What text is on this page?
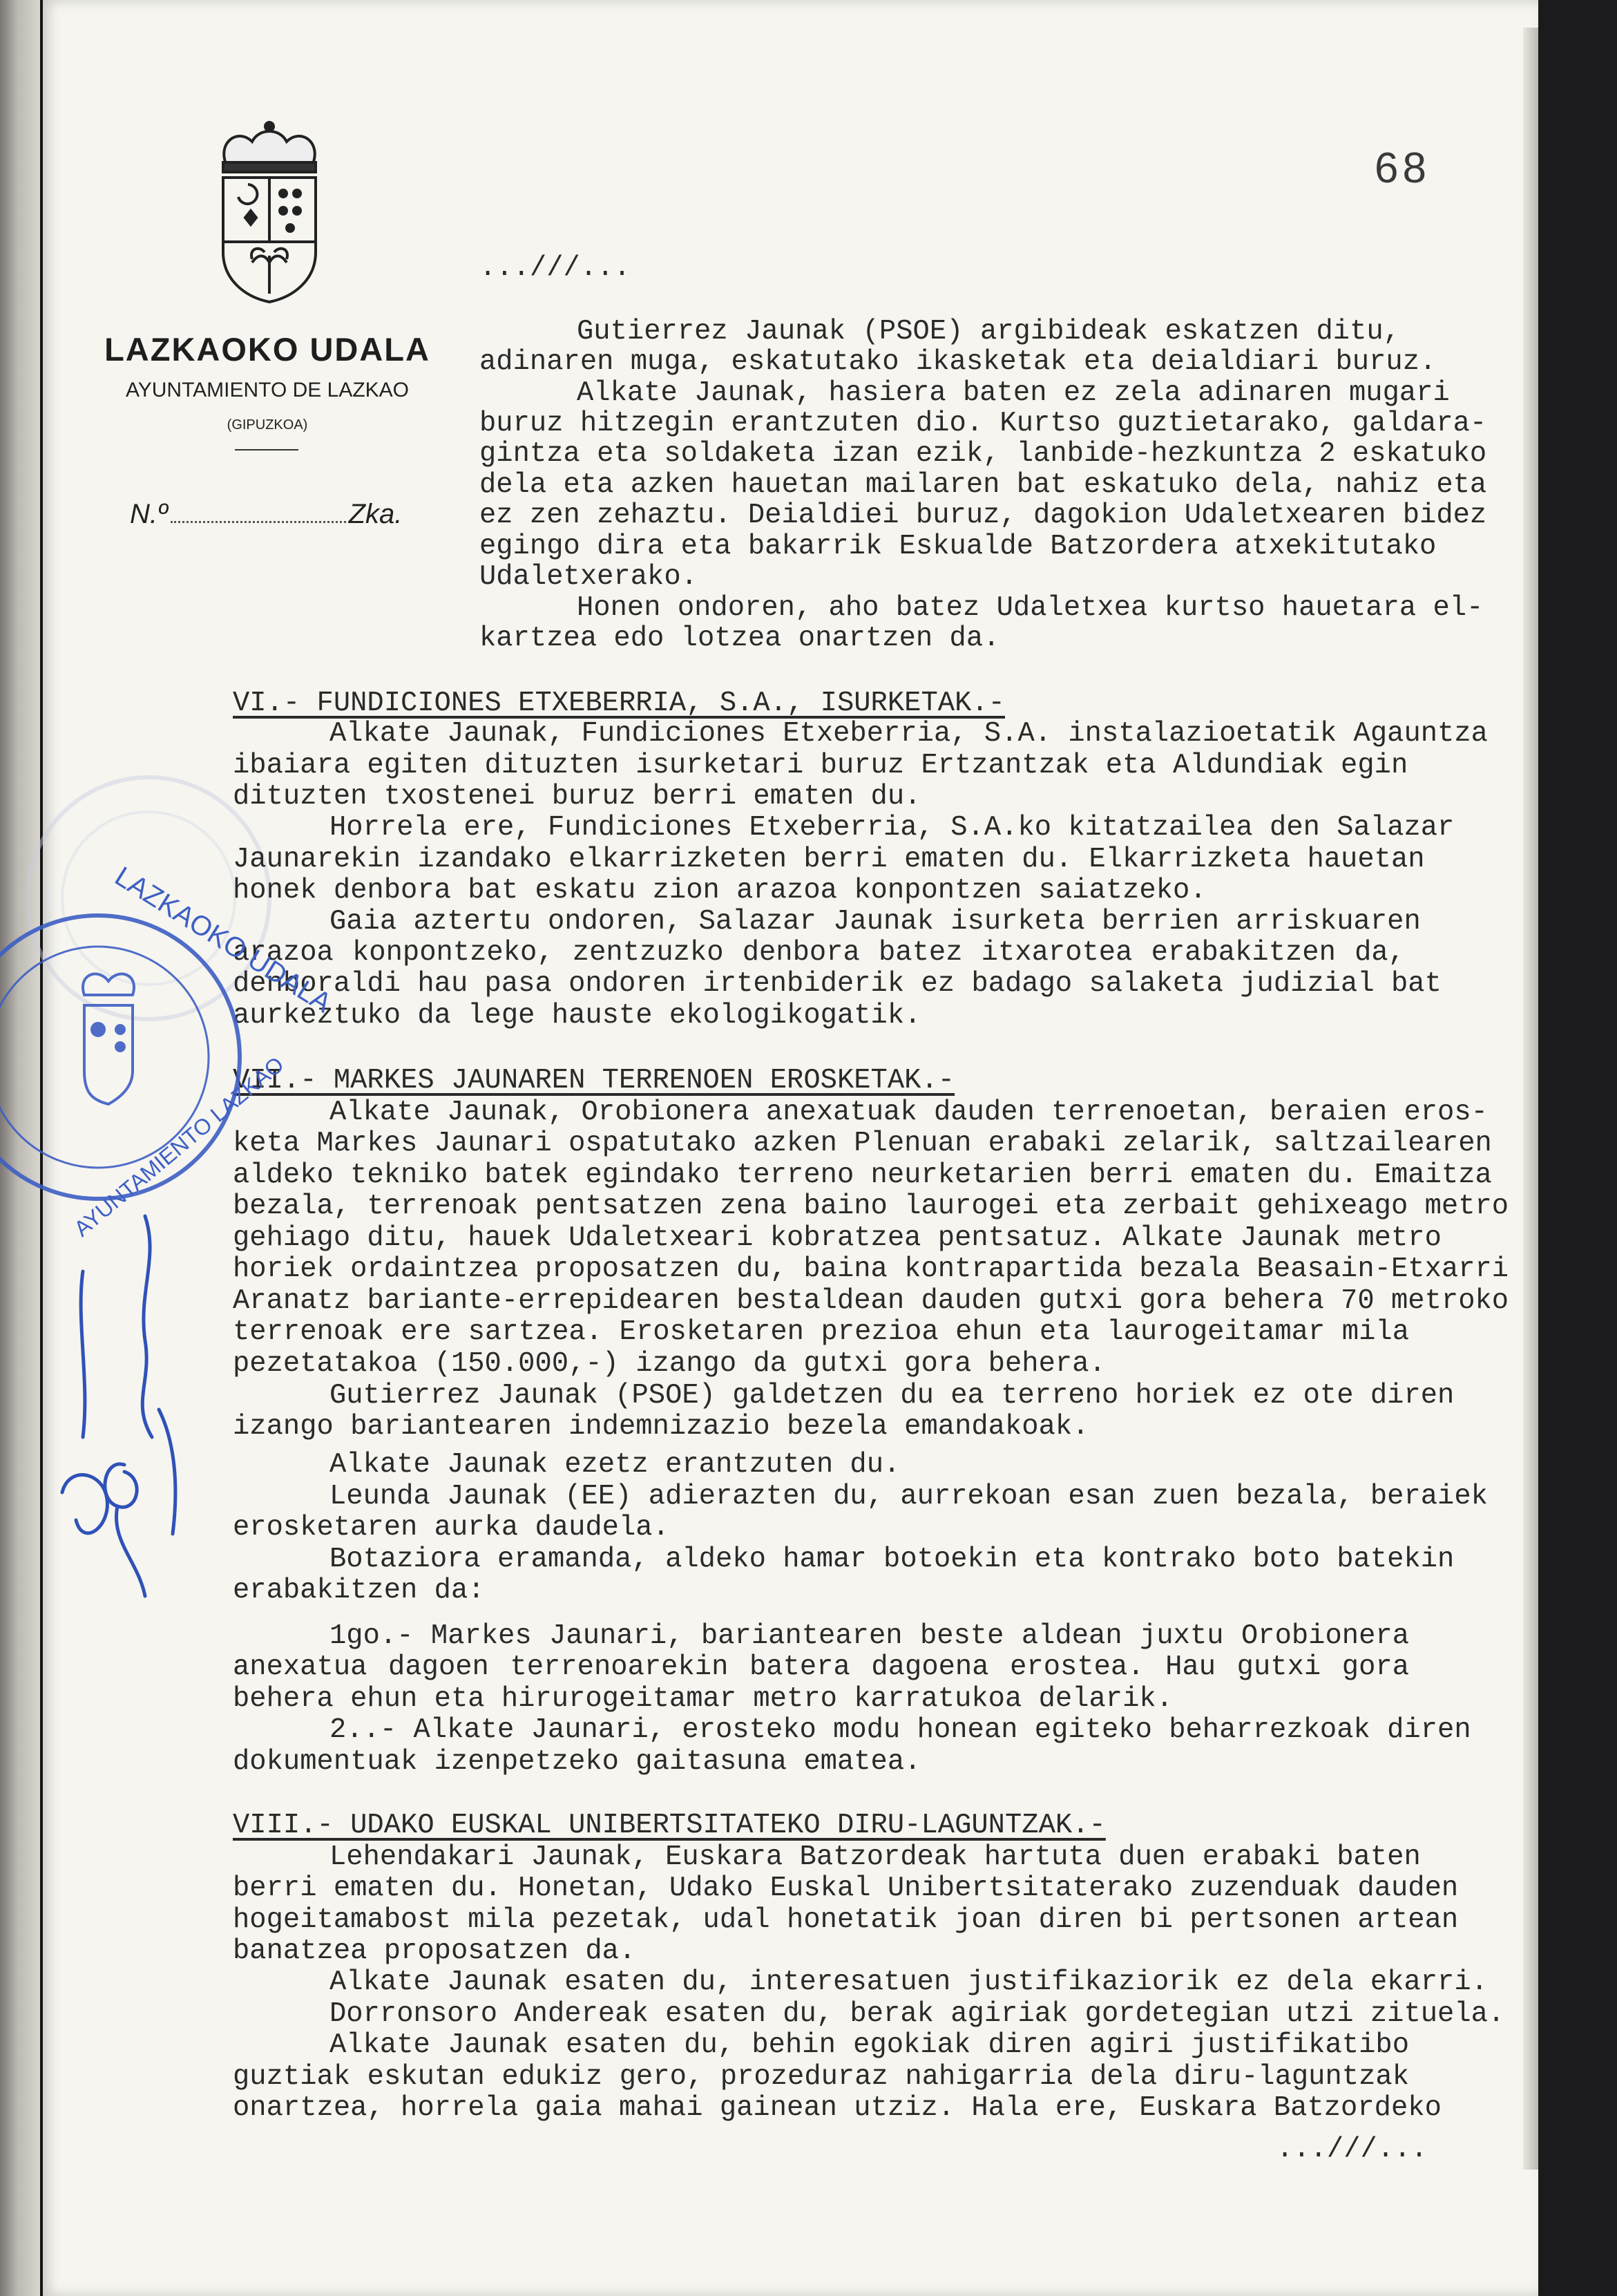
68
LAZKAOKO UDALA
AYUNTAMIENTO DE LAZKAO
(GIPUZKOA)
N.º	Zka.
...///...
Gutierrez Jaunak (PSOE) argibideak eskatzen ditu,
adinaren muga, eskatutako ikasketak eta deialdiari buruz.
Alkate Jaunak, hasiera baten ez zela adinaren mugari
buruz hitzegin erantzuten dio. Kurtso guztietarako, galdara-
gintza eta soldaketa izan ezik, lanbide-hezkuntza 2 eskatuko
dela eta azken hauetan mailaren bat eskatuko dela, nahiz eta
ez zen zehaztu. Deialdiei buruz, dagokion Udaletxearen bidez
egingo dira eta bakarrik Eskualde Batzordera atxekitutako
Udaletxerako.
Honen ondoren, aho batez Udaletxea kurtso hauetara el-
kartzea edo lotzea onartzen da.
VI.- FUNDICIONES ETXEBERRIA, S.A., ISURKETAK.-
Alkate Jaunak, Fundiciones Etxeberria, S.A. instalazioetatik Agauntza
ibaiara egiten dituzten isurketari buruz Ertzantzak eta Aldundiak egin
dituzten txostenei buruz berri ematen du.
Horrela ere, Fundiciones Etxeberria, S.A.ko kitatzailea den Salazar
Jaunarekin izandako elkarrizketen berri ematen du. Elkarrizketa hauetan
honek denbora bat eskatu zion arazoa konpontzen saiatzeko.
Gaia aztertu ondoren, Salazar Jaunak isurketa berrien arriskuaren
arazoa konpontzeko, zentzuzko denbora batez itxarotea erabakitzen da,
denboraldi hau pasa ondoren irtenbiderik ez badago salaketa judizial bat
aurkeztuko da lege hauste ekologikogatik.
VII.- MARKES JAUNAREN TERRENOEN EROSKETAK.-
Alkate Jaunak, Orobionera anexatuak dauden terrenoetan, beraien eros-
keta Markes Jaunari ospatutako azken Plenuan erabaki zelarik, saltzailearen
aldeko tekniko batek egindako terreno neurketarien berri ematen du. Emaitza
bezala, terrenoak pentsatzen zena baino laurogei eta zerbait gehixeago metro
gehiago ditu, hauek Udaletxeari kobratzea pentsatuz. Alkate Jaunak metro
horiek ordaintzea proposatzen du, baina kontrapartida bezala Beasain-Etxarri
Aranatz bariante-errepidearen bestaldean dauden gutxi gora behera 70 metroko
terrenoak ere sartzea. Erosketaren prezioa ehun eta laurogeitamar mila
pezetatakoa (150.000,-) izango da gutxi gora behera.
Gutierrez Jaunak (PSOE) galdetzen du ea terreno horiek ez ote diren
izango bariantearen indemnizazio bezela emandakoak.
Alkate Jaunak ezetz erantzuten du.
Leunda Jaunak (EE) adierazten du, aurrekoan esan zuen bezala, beraiek
erosketaren aurka daudela.
Botaziora eramanda, aldeko hamar botoekin eta kontrako boto batekin
erabakitzen da:
1go.- Markes Jaunari, bariantearen beste aldean juxtu Orobionera
anexatua dagoen terrenoarekin batera dagoena erostea. Hau gutxi gora
behera ehun eta hirurogeitamar metro karratukoa delarik.
2..- Alkate Jaunari, erosteko modu honean egiteko beharrezkoak diren
dokumentuak izenpetzeko gaitasuna ematea.
VIII.- UDAKO EUSKAL UNIBERTSITATEKO DIRU-LAGUNTZAK.-
Lehendakari Jaunak, Euskara Batzordeak hartuta duen erabaki baten
berri ematen du. Honetan, Udako Euskal Unibertsitaterako zuzenduak dauden
hogeitamabost mila pezetak, udal honetatik joan diren bi pertsonen artean
banatzea proposatzen da.
Alkate Jaunak esaten du, interesatuen justifikaziorik ez dela ekarri.
Dorronsoro Andereak esaten du, berak agiriak gordetegian utzi zituela.
Alkate Jaunak esaten du, behin egokiak diren agiri justifikatibo
guztiak eskutan edukiz gero, prozeduraz nahigarria dela diru-laguntzak
onartzea, horrela gaia mahai gainean utziz. Hala ere, Euskara Batzordeko
...///...
LAZKAOKO UDALA
AYUNTAMIENTO LAZKAO
